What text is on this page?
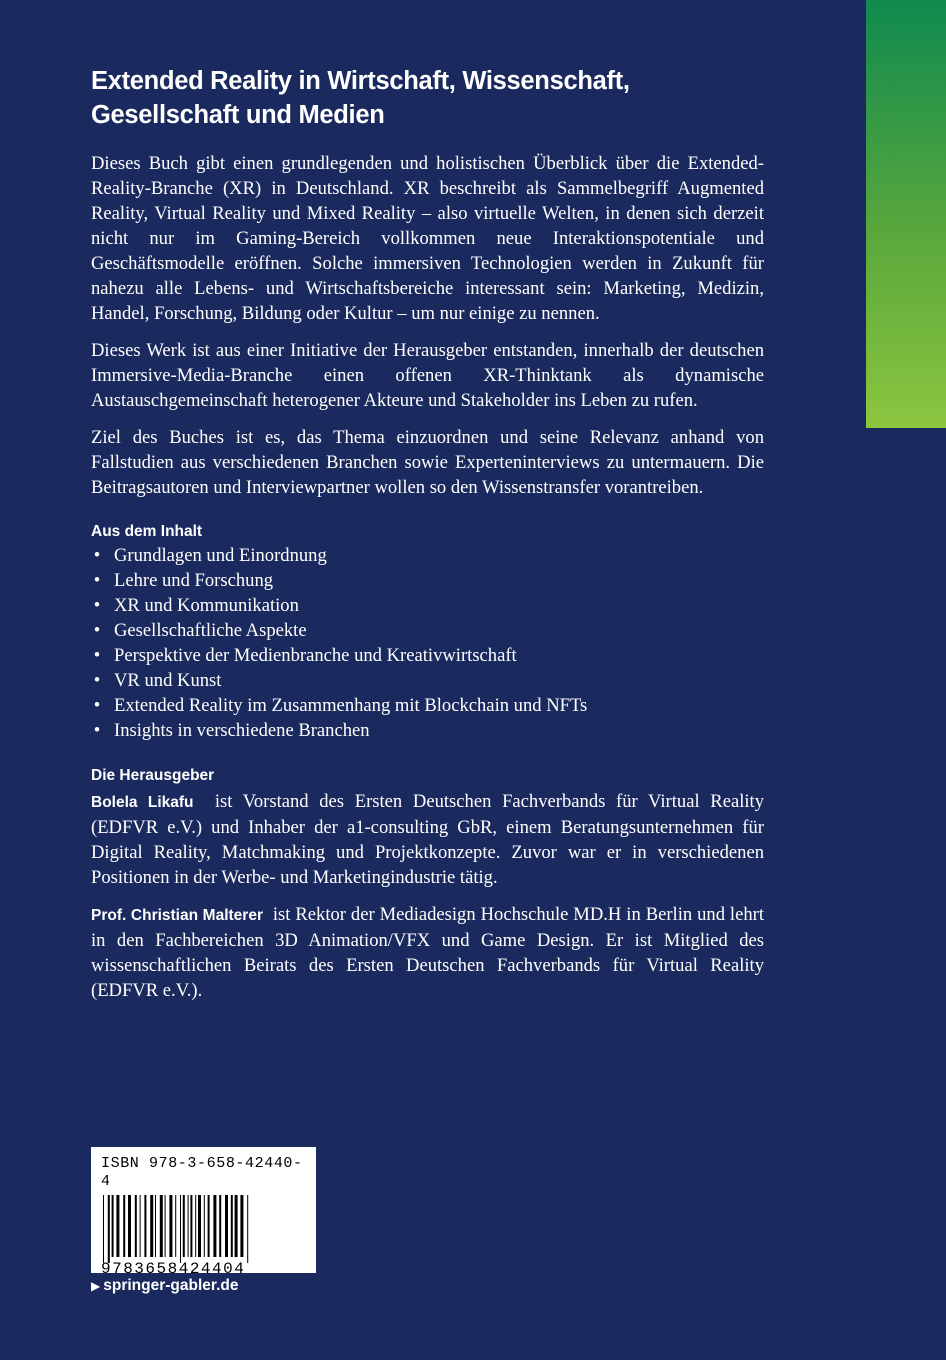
Extended Reality in Wirtschaft, Wissenschaft, Gesellschaft und Medien

Dieses Buch gibt einen grundlegenden und holistischen Überblick über die Extended-Reality-Branche (XR) in Deutschland. XR beschreibt als Sammelbegriff Augmented Reality, Virtual Reality und Mixed Reality – also virtuelle Welten, in denen sich derzeit nicht nur im Gaming-Bereich vollkommen neue Interaktionspotentiale und Geschäftsmodelle eröffnen. Solche immersiven Technologien werden in Zukunft für nahezu alle Lebens- und Wirtschaftsbereiche interessant sein: Marketing, Medizin, Handel, Forschung, Bildung oder Kultur – um nur einige zu nennen.

Dieses Werk ist aus einer Initiative der Herausgeber entstanden, innerhalb der deutschen Immersive-Media-Branche einen offenen XR-Thinktank als dynamische Austauschgemeinschaft heterogener Akteure und Stakeholder ins Leben zu rufen.

Ziel des Buches ist es, das Thema einzuordnen und seine Relevanz anhand von Fallstudien aus verschiedenen Branchen sowie Experteninterviews zu untermauern. Die Beitragsautoren und Interviewpartner wollen so den Wissenstransfer vorantreiben.

Aus dem Inhalt
• Grundlagen und Einordnung
• Lehre und Forschung
• XR und Kommunikation
• Gesellschaftliche Aspekte
• Perspektive der Medienbranche und Kreativwirtschaft
• VR und Kunst
• Extended Reality im Zusammenhang mit Blockchain und NFTs
• Insights in verschiedene Branchen
Die Herausgeber

Bolela Likafu ist Vorstand des Ersten Deutschen Fachverbands für Virtual Reality (EDFVR e.V.) und Inhaber der a1-consulting GbR, einem Beratungsunternehmen für Digital Reality, Matchmaking und Projektkonzepte. Zuvor war er in verschiedenen Positionen in der Werbe- und Marketingindustrie tätig.

Prof. Christian Malterer ist Rektor der Mediadesign Hochschule MD.H in Berlin und lehrt in den Fachbereichen 3D Animation/VFX und Game Design. Er ist Mitglied des wissenschaftlichen Beirats des Ersten Deutschen Fachverbands für Virtual Reality (EDFVR e.V.).

ISBN 978-3-658-42440-4
9783658424404
▶ springer-gabler.de
